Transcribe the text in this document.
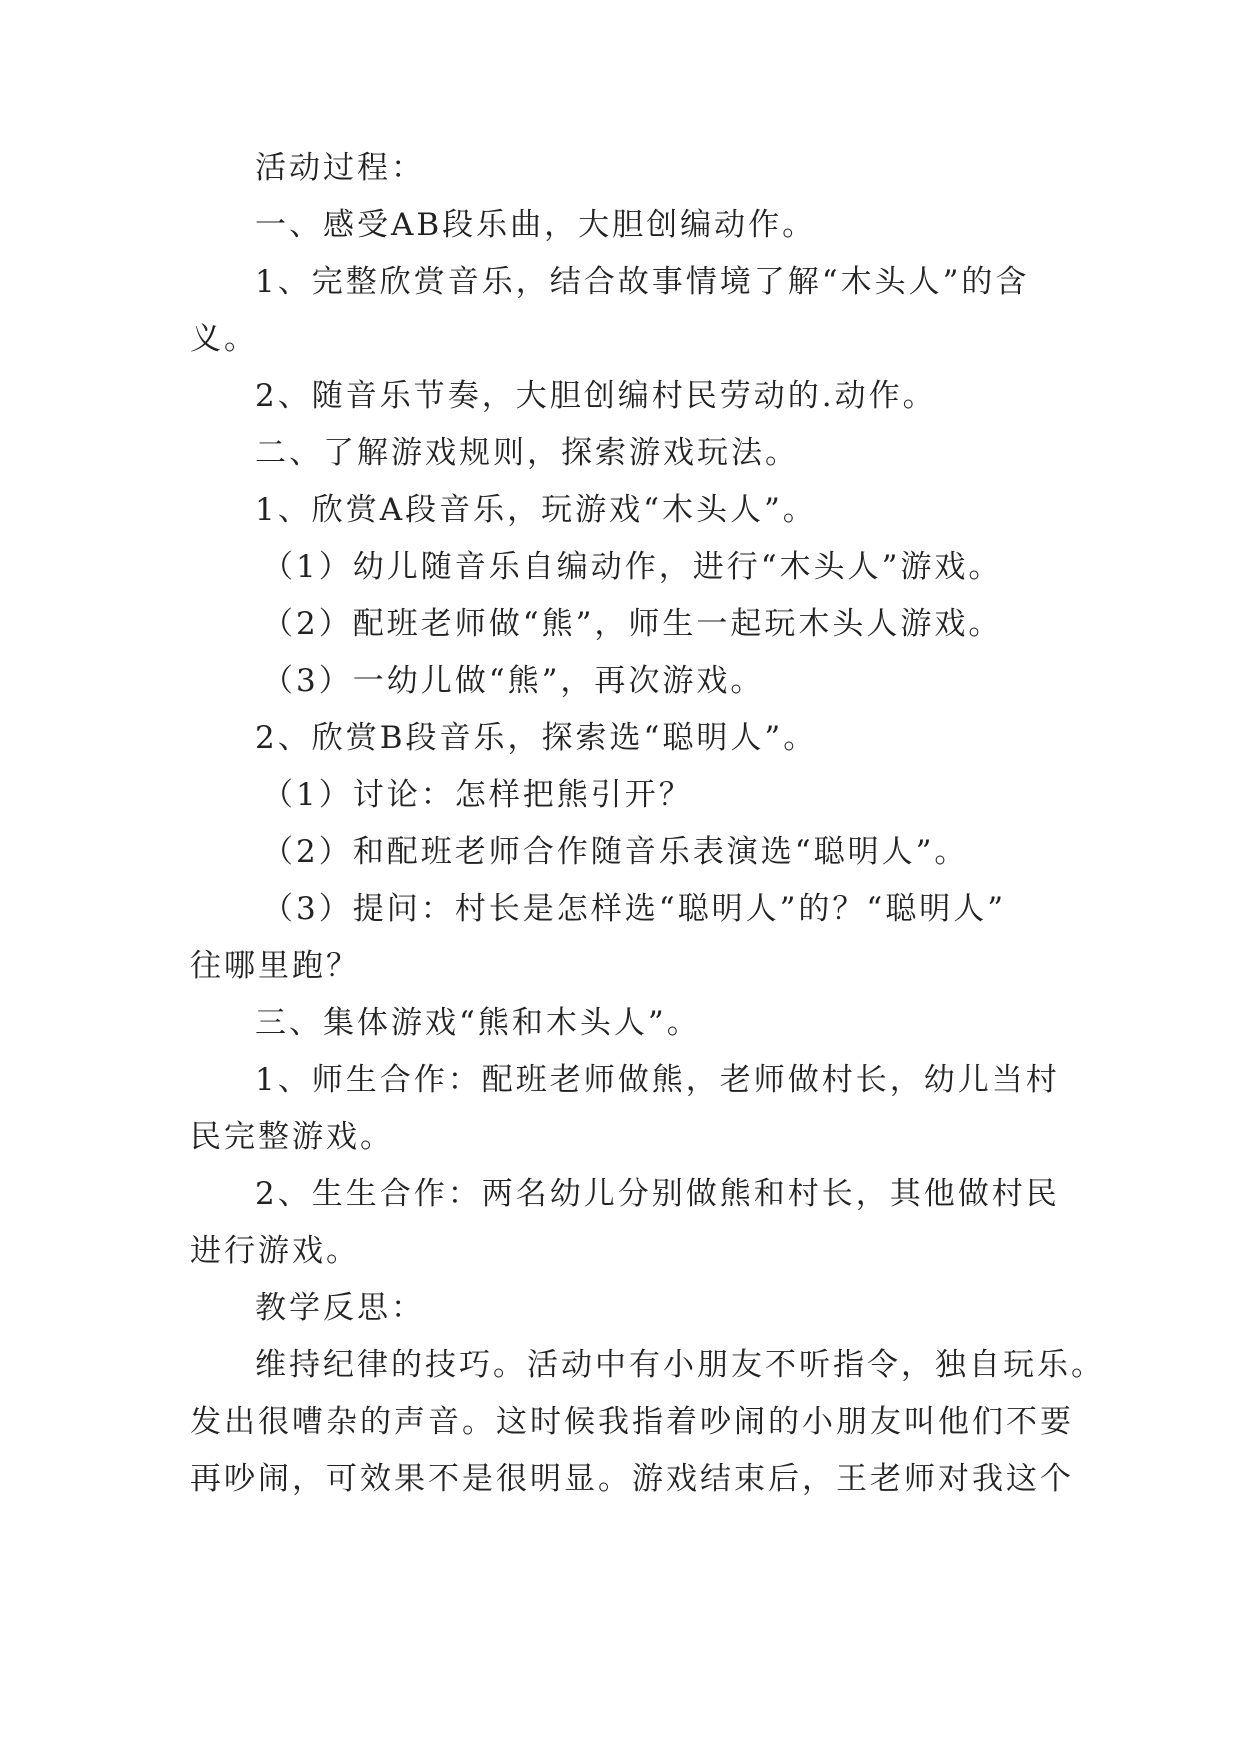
活动过程：
一、感受AB段乐曲，大胆创编动作。
1、完整欣赏音乐，结合故事情境了解“木头人”的含
义。
2、随音乐节奏，大胆创编村民劳动的.动作。
二、了解游戏规则，探索游戏玩法。
1、欣赏A段音乐，玩游戏“木头人”。
（1）幼儿随音乐自编动作，进行“木头人”游戏。
（2）配班老师做“熊”，师生一起玩木头人游戏。
（3）一幼儿做“熊”，再次游戏。
2、欣赏B段音乐，探索选“聪明人”。
（1）讨论：怎样把熊引开？
（2）和配班老师合作随音乐表演选“聪明人”。
（3）提问：村长是怎样选“聪明人”的？“聪明人”
往哪里跑？
三、集体游戏“熊和木头人”。
1、师生合作：配班老师做熊，老师做村长，幼儿当村
民完整游戏。
2、生生合作：两名幼儿分别做熊和村长，其他做村民
进行游戏。
教学反思：
维持纪律的技巧。活动中有小朋友不听指令，独自玩乐。
发出很嘈杂的声音。这时候我指着吵闹的小朋友叫他们不要
再吵闹，可效果不是很明显。游戏结束后，王老师对我这个
